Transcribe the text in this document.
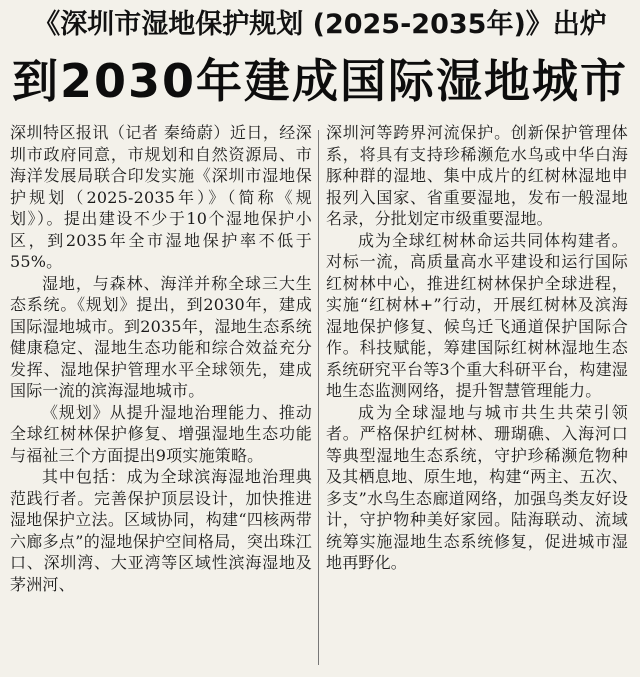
《深圳市湿地保护规划 (2025-2035年)》出炉
到2030年建成国际湿地城市

深圳特区报讯（记者 秦绮蔚）近日，经深圳市政府同意，市规划和自然资源局、市海洋发展局联合印发实施《深圳市湿地保护规划（2025-2035年）》（简称《规划》）。提出建设不少于10个湿地保护小区，到2035年全市湿地保护率不低于55%。

湿地，与森林、海洋并称全球三大生态系统。《规划》提出，到2030年，建成国际湿地城市。到2035年，湿地生态系统健康稳定、湿地生态功能和综合效益充分发挥、湿地保护管理水平全球领先，建成国际一流的滨海湿地城市。

《规划》从提升湿地治理能力、推动全球红树林保护修复、增强湿地生态功能与福祉三个方面提出9项实施策略。

其中包括：成为全球滨海湿地治理典范践行者。完善保护顶层设计，加快推进湿地保护立法。区域协同，构建“四核两带六廊多点”的湿地保护空间格局，突出珠江口、深圳湾、大亚湾等区域性滨海湿地及茅洲河、

深圳河等跨界河流保护。创新保护管理体系，将具有支持珍稀濒危水鸟或中华白海豚种群的湿地、集中成片的红树林湿地申报列入国家、省重要湿地，发布一般湿地名录，分批划定市级重要湿地。

成为全球红树林命运共同体构建者。对标一流，高质量高水平建设和运行国际红树林中心，推进红树林保护全球进程，实施“红树林+”行动，开展红树林及滨海湿地保护修复、候鸟迁飞通道保护国际合作。科技赋能，筹建国际红树林湿地生态系统研究平台等3个重大科研平台，构建湿地生态监测网络，提升智慧管理能力。

成为全球湿地与城市共生共荣引领者。严格保护红树林、珊瑚礁、入海河口等典型湿地生态系统，守护珍稀濒危物种及其栖息地、原生地，构建“两主、五次、多支”水鸟生态廊道网络，加强鸟类友好设计，守护物种美好家园。陆海联动、流域统筹实施湿地生态系统修复，促进城市湿地再野化。
